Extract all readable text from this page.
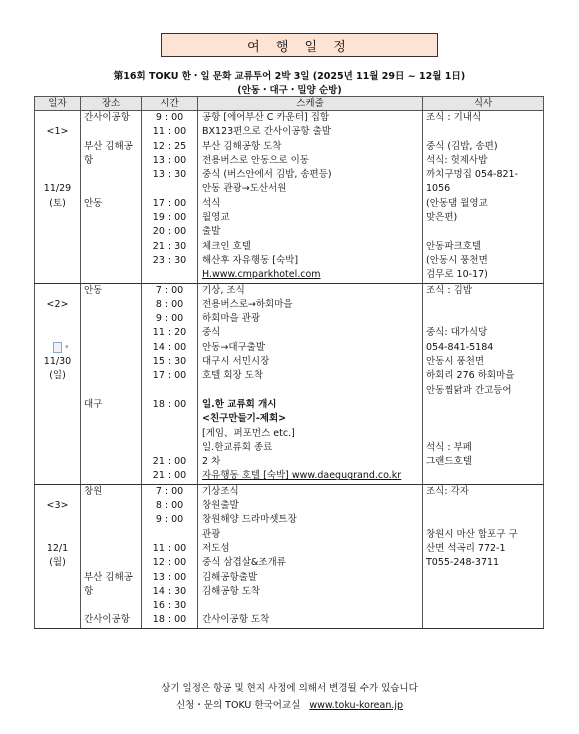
여 행 일 정
第16회 TOKU 한・일 문화 교류투어 2박 3일 (2025년 11월 29日 ~ 12월 1日)
(안동・대구・밀양 순방)
일자	장소	시간	스케줄	식사
	간사이공항	9 : 00	공항 [에어부산 C 카운터] 집합	조식 : 기내식
<1>		11 : 00	BX123편으로 간사이공항 출발	
	부산 김해공	12 : 25	부산 김해공항 도착	중식 (김밥, 송편)
	항	13 : 00	전용버스로 안동으로 이동	석식: 헛제사밥
		13 : 30	중식 (버스안에서 김밥, 송편등)	까치구멍집 054-821-
11/29			안동 관광→도산서원	1056
(토)	안동	17 : 00	석식	(안동댐 월영교
		19 : 00	월영교	맞은편)
		20 : 00	출발	
		21 : 30	체크인 호텔	안동파크호텔
		23 : 30	해산후 자유행동 [숙박]	(안동시 풍천면
			H.www.cmparkhotel.com	검무로 10-17)
	안동	7 : 00	기상, 조식	조식 : 김밥
<2>		8 : 00	전용버스로→하회마을	
		9 : 00	하회마을 관광	
		11 : 20	중식	중식: 대가식당
▾		14 : 00	안동→대구출발	054-841-5184
11/30		15 : 30	대구시 서민시장	안동시 풍천면
(일)		17 : 00	호텔 회장 도착	하회리 276 하회마을
				안동찜닭과 간고등어
	대구	18 : 00	일.한 교류회 개시	
			<친구만들기-제회>	
			[게임、퍼포먼스 etc.]	
			일.한교류회 종료	석식 : 부페
		21 : 00	2 차	그랜드호텔
		21 : 00	자유행동 호텔 [숙박] www.daegugrand.co.kr	
	창원	7 : 00	기상조식	조식: 각자
<3>		8 : 00	창원출발	
		9 : 00	창원해양 드라마셋트장	
			관광	창원시 마산 합포구 구
12/1		11 : 00	저도섬	산면 석곡리 772-1
(월)		12 : 00	중식 삼겹살&조개류	T055-248-3711
	부산 김해공	13 : 00	김해공항출발	
	항	14 : 30	김해공항 도착	
		16 : 30		
	간사이공항	18 : 00	간사이공항 도착	
상기 일정은 항공 및 현지 사정에 의해서 변경될 수가 있습니다
신청・문의 TOKU 한국어교실 www.toku-korean.jp
